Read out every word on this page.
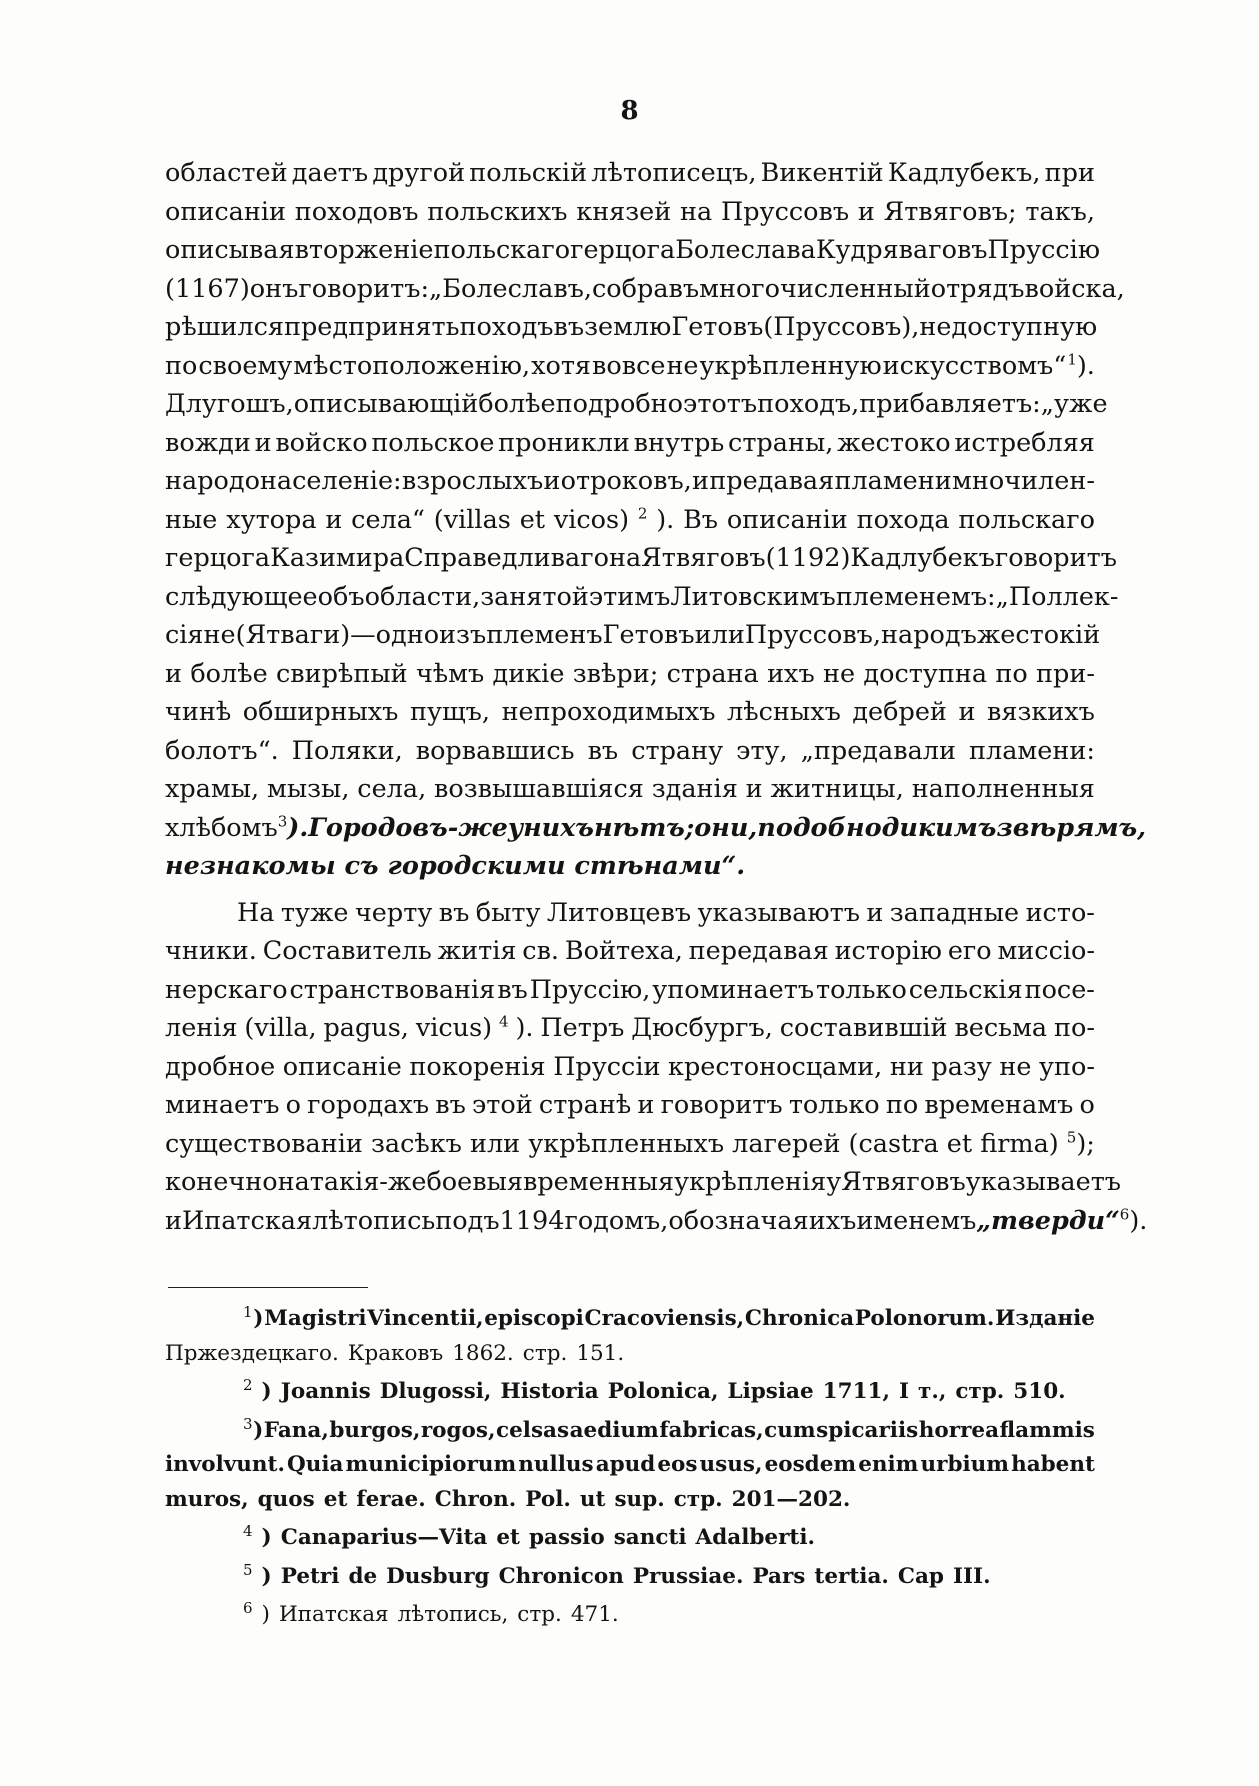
8
областей даетъ другой польскій лѣтописецъ, Викентій Кадлубекъ, при
описаніи походовъ польскихъ князей на Пруссовъ и Ятвяговъ; такъ,
описывая вторженіе польскаго герцога Болеслава Кудряваго въ Пруссію
(1167) онъ говоритъ: „Болеславъ, собравъ многочисленный отрядъ войска,
рѣшился предпринять походъ въ землю Гетовъ (Пруссовъ), недоступную
по своему мѣстоположенію, хотя вовсе не укрѣпленную искусствомъ“ $^1$).
Длугошъ, описывающій болѣе подробно этотъ походъ, прибавляетъ: „уже
вожди и войско польское проникли внутрь страны, жестоко истребляя
народонаселеніе: взрослыхъ и отроковъ, и предавая пламени мночилен-
ные хутора и села“ (villas et vicos) $^2$ ). Въ описаніи похода польскаго
герцога Казимира Справедливаго на Ятвяговъ (1192) Кадлубекъ говоритъ
слѣдующее объ области, занятой этимъ Литовскимъ племенемъ: „Поллек-
сіяне (Ятваги)—одно изъ племенъ Гетовъ или Пруссовъ, народъ жестокій
и болѣе свирѣпый чѣмъ дикіе звѣри; страна ихъ не доступна по при-
чинѣ обширныхъ пущъ, непроходимыхъ лѣсныхъ дебрей и вязкихъ
болотъ“. Поляки, ворвавшись въ страну эту, „предавали пламени:
храмы, мызы, села, возвышавшіяся зданія и житницы, наполненныя
хлѣбомъ $^3$ ). Городовъ-же у нихъ нѣтъ; они, подобно дикимъ звѣрямъ,
незнакомы съ городскими стѣнами“.
На туже черту въ быту Литовцевъ указываютъ и западные исто-
чники. Составитель житія св. Войтеха, передавая исторію его миссіо-
нерскаго странствованія въ Пруссію, упоминаетъ только сельскія посе-
ленія (villa, pagus, vicus) $^4$ ). Петръ Дюсбургъ, составившій весьма по-
дробное описаніе покоренія Пруссіи крестоносцами, ни разу не упо-
минаетъ о городахъ въ этой странѣ и говоритъ только по временамъ о
существованіи засѣкъ или укрѣпленныхъ лагерей (castra et firma) $^5$);
конечно на такія-же боевыя временныя укрѣпленія у Ятвяговъ указываетъ
и Ипатская лѣтопись подъ 1194 годомъ, обозначая ихъ именемъ „тверди“$^6$).
$^1$ ) Magistri Vincentii, episcopi Cracoviensis, Chronica Polonorum. Изданіе
Пржездецкаго. Краковъ 1862. стр. 151.
$^2$ ) Joannis Dlugossi, Historia Polonica, Lipsiae 1711, I т., стр. 510.
$^3$ ) Fana, burgos, rogos, celsas aedium fabricas, cum spicariis horrea flammis
involvunt. Quia municipiorum nullus apud eos usus, eosdem enim urbium habent
muros, quos et ferae. Chron. Pol. ut sup. стр. 201—202.
$^4$ ) Canaparius—Vita et passio sancti Adalberti.
$^5$ ) Petri de Dusburg Chronicon Prussiae. Pars tertia. Cap III.
$^6$ ) Ипатская лѣтопись, стр. 471.
